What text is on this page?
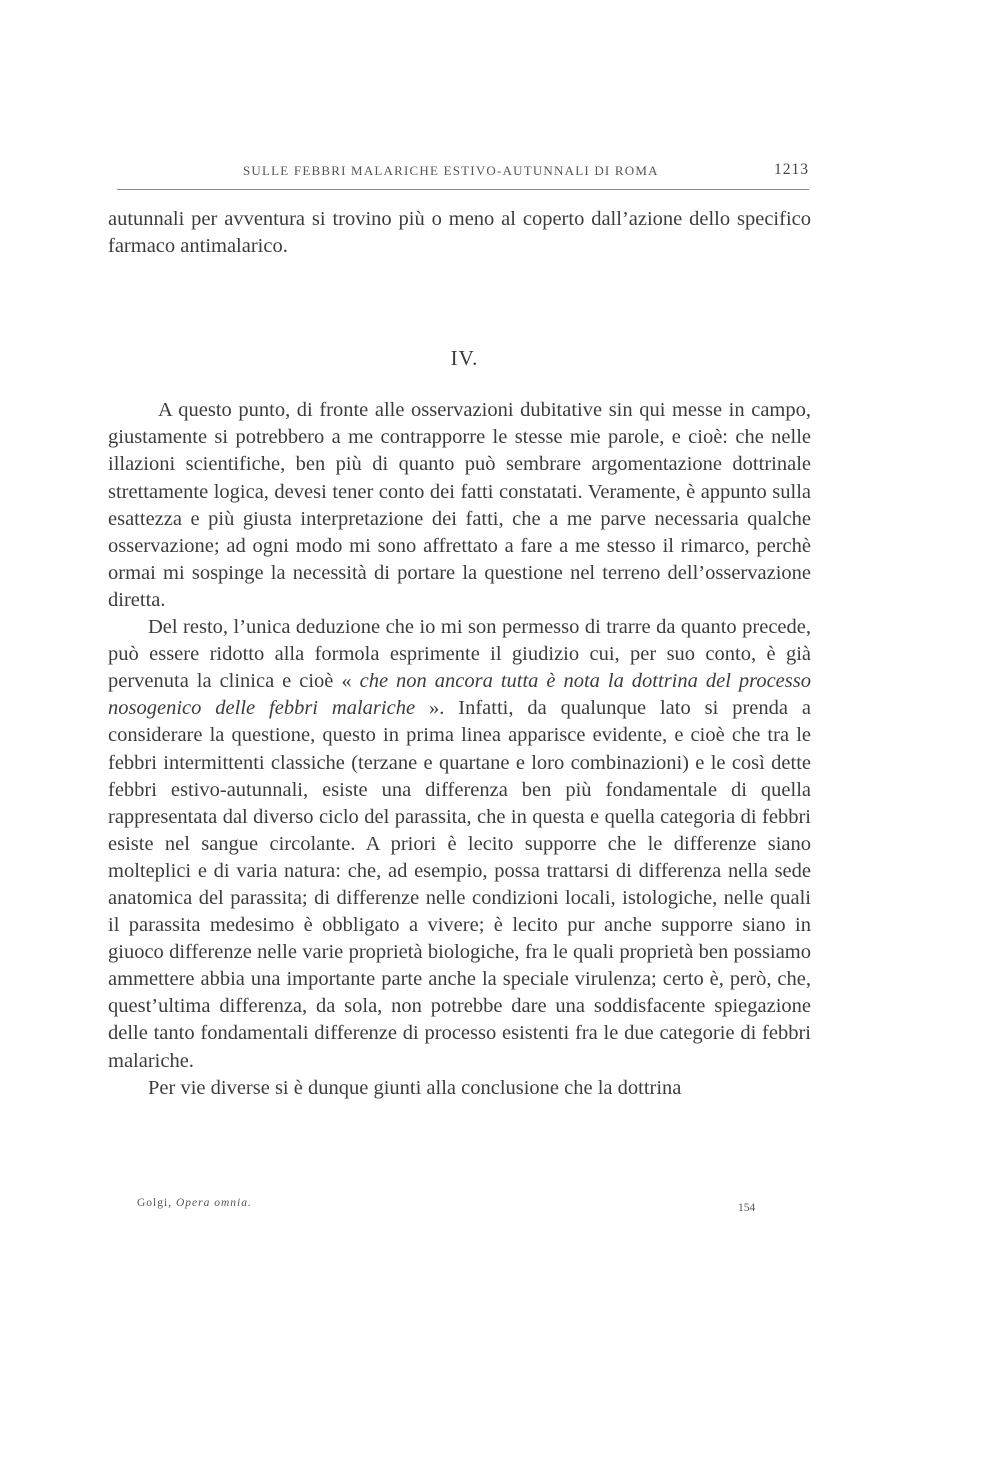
SULLE FEBBRI MALARICHE ESTIVO-AUTUNNALI DI ROMA	1213

autunnali per avventura si trovino più o meno al coperto dall’azione dello specifico farmaco antimalarico.

IV.

A questo punto, di fronte alle osservazioni dubitative sin qui messe in campo, giustamente si potrebbero a me contrapporre le stesse mie parole, e cioè: che nelle illazioni scientifiche, ben più di quanto può sembrare argomentazione dottrinale strettamente logica, devesi tener conto dei fatti constatati. Veramente, è appunto sulla esattezza e più giusta interpretazione dei fatti, che a me parve necessaria qualche osservazione; ad ogni modo mi sono affrettato a fare a me stesso il rimarco, perchè ormai mi sospinge la necessità di portare la questione nel terreno dell’osservazione diretta.

Del resto, l’unica deduzione che io mi son permesso di trarre da quanto precede, può essere ridotto alla formola esprimente il giudizio cui, per suo conto, è già pervenuta la clinica e cioè « che non ancora tutta è nota la dottrina del processo nosogenico delle febbri malariche ». Infatti, da qualunque lato si prenda a considerare la questione, questo in prima linea apparisce evidente, e cioè che tra le febbri intermittenti classiche (terzane e quartane e loro combinazioni) e le così dette febbri estivo-autunnali, esiste una differenza ben più fondamentale di quella rappresentata dal diverso ciclo del parassita, che in questa e quella categoria di febbri esiste nel sangue circolante. A priori è lecito supporre che le differenze siano molteplici e di varia natura: che, ad esempio, possa trattarsi di differenza nella sede anatomica del parassita; di differenze nelle condizioni locali, istologiche, nelle quali il parassita medesimo è obbligato a vivere; è lecito pur anche supporre siano in giuoco differenze nelle varie proprietà biologiche, fra le quali proprietà ben possiamo ammettere abbia una importante parte anche la speciale virulenza; certo è, però, che, quest’ultima differenza, da sola, non potrebbe dare una soddisfacente spiegazione delle tanto fondamentali differenze di processo esistenti fra le due categorie di febbri malariche.

Per vie diverse si è dunque giunti alla conclusione che la dottrina

Golgi, Opera omnia.	154
